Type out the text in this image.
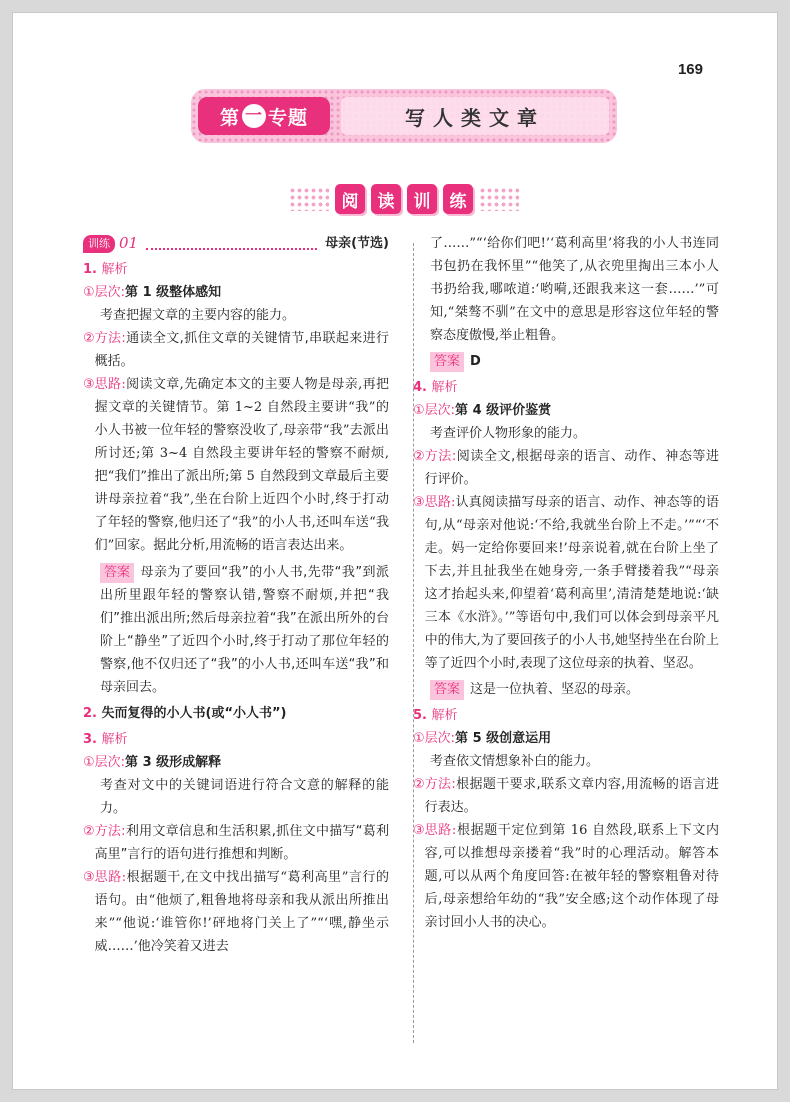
169
第 一 专题	写人类文章
阅	读	训	练
训练 01	母亲(节选)
1. 解析
① 层次: 第 1 级整体感知

考查把握文章的主要内容的能力。

② 方法:通读全文,抓住文章的关键情节,串联起来进行概括。

③ 思路:阅读文章,先确定本文的主要人物是母亲,再把握文章的关键情节。第 1~2 自然段主要讲“我”的小人书被一位年轻的警察没收了,母亲带“我”去派出所讨还;第 3~4 自然段主要讲年轻的警察不耐烦,把“我们”推出了派出所;第 5 自然段到文章最后主要讲母亲拉着“我”,坐在台阶上近四个小时,终于打动了年轻的警察,他归还了“我”的小人书,还叫车送“我们”回家。据此分析,用流畅的语言表达出来。

答案 母亲为了要回“我”的小人书,先带“我”到派出所里跟年轻的警察认错,警察不耐烦,并把“我们”推出派出所;然后母亲拉着“我”在派出所外的台阶上“静坐”了近四个小时,终于打动了那位年轻的警察,他不仅归还了“我”的小人书,还叫车送“我”和母亲回去。

2. 失而复得的小人书(或“小人书”)
3. 解析
① 层次: 第 3 级形成解释

考查对文中的关键词语进行符合文意的解释的能力。

② 方法:利用文章信息和生活积累,抓住文中描写“葛利高里”言行的语句进行推想和判断。

③ 思路:根据题干,在文中找出描写“葛利高里”言行的语句。由“他烦了,粗鲁地将母亲和我从派出所推出来”“他说:‘谁管你!’砰地将门关上了”“‘嘿,静坐示威……’他冷笑着又进去

了……”“‘给你们吧!’‘葛利高里’将我的小人书连同书包扔在我怀里”“他笑了,从衣兜里掏出三本小人书扔给我,哪哝道:‘哟嗬,还跟我来这一套……’”可知,“桀骜不驯”在文中的意思是形容这位年轻的警察态度傲慢,举止粗鲁。

答案 D

4. 解析
① 层次: 第 4 级评价鉴赏

考查评价人物形象的能力。

② 方法:阅读全文,根据母亲的语言、动作、神态等进行评价。

③ 思路:认真阅读描写母亲的语言、动作、神态等的语句,从“母亲对他说:‘不给,我就坐台阶上不走。’”“‘不走。妈一定给你要回来!’母亲说着,就在台阶上坐了下去,并且扯我坐在她身旁,一条手臂搂着我”“母亲这才抬起头来,仰望着‘葛利高里’,清清楚楚地说:‘缺三本《水浒》。’”等语句中,我们可以体会到母亲平凡中的伟大,为了要回孩子的小人书,她坚持坐在台阶上等了近四个小时,表现了这位母亲的执着、坚忍。

答案 这是一位执着、坚忍的母亲。

5. 解析
① 层次: 第 5 级创意运用

考查依文情想象补白的能力。

② 方法:根据题干要求,联系文章内容,用流畅的语言进行表达。

③ 思路:根据题干定位到第 16 自然段,联系上下文内容,可以推想母亲搂着“我”时的心理活动。解答本题,可以从两个角度回答:在被年轻的警察粗鲁对待后,母亲想给年幼的“我”安全感;这个动作体现了母亲讨回小人书的决心。
